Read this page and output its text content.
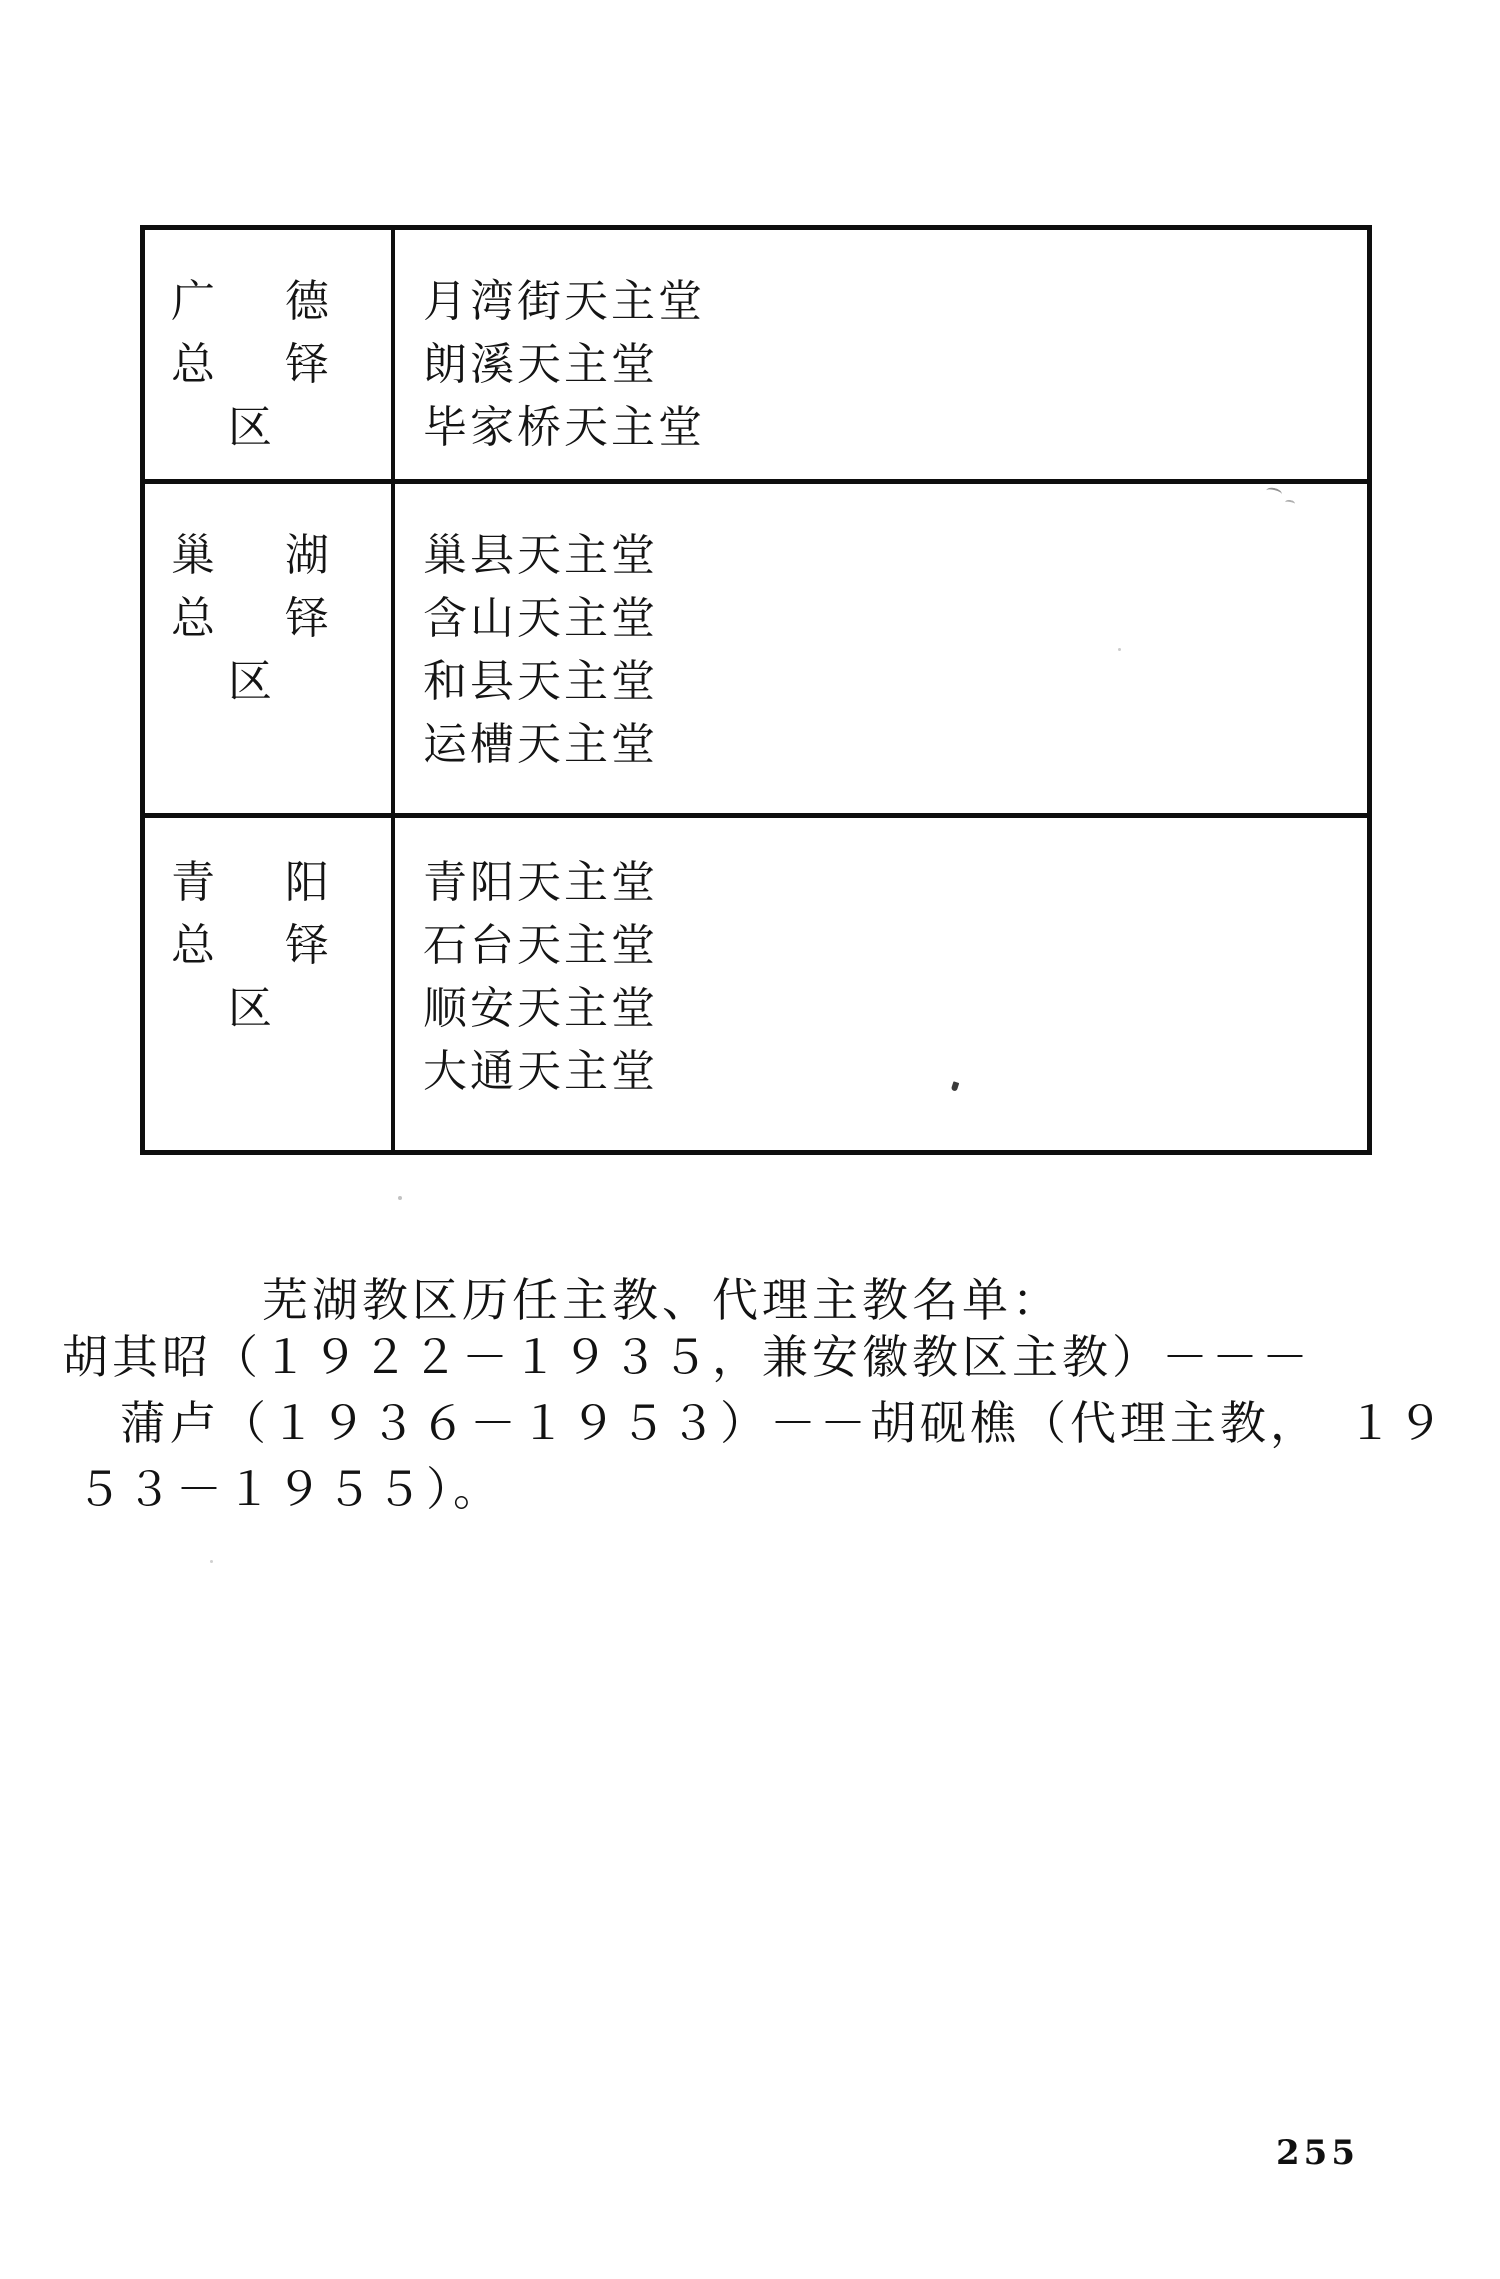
广　德
总　铎
区
月湾街天主堂
朗溪天主堂
毕家桥天主堂
巢　湖
总　铎
区
巢县天主堂
含山天主堂
和县天主堂
运槽天主堂
青　阳
总　铎
区
青阳天主堂
石台天主堂
顺安天主堂
大通天主堂
芜湖教区历任主教、代理主教名单：
胡其昭（１９２２－１９３５，兼安徽教区主教）－－－
蒲卢（１９３６－１９５３）－－胡砚樵（代理主教，　１９
５３－１９５５）。
255
